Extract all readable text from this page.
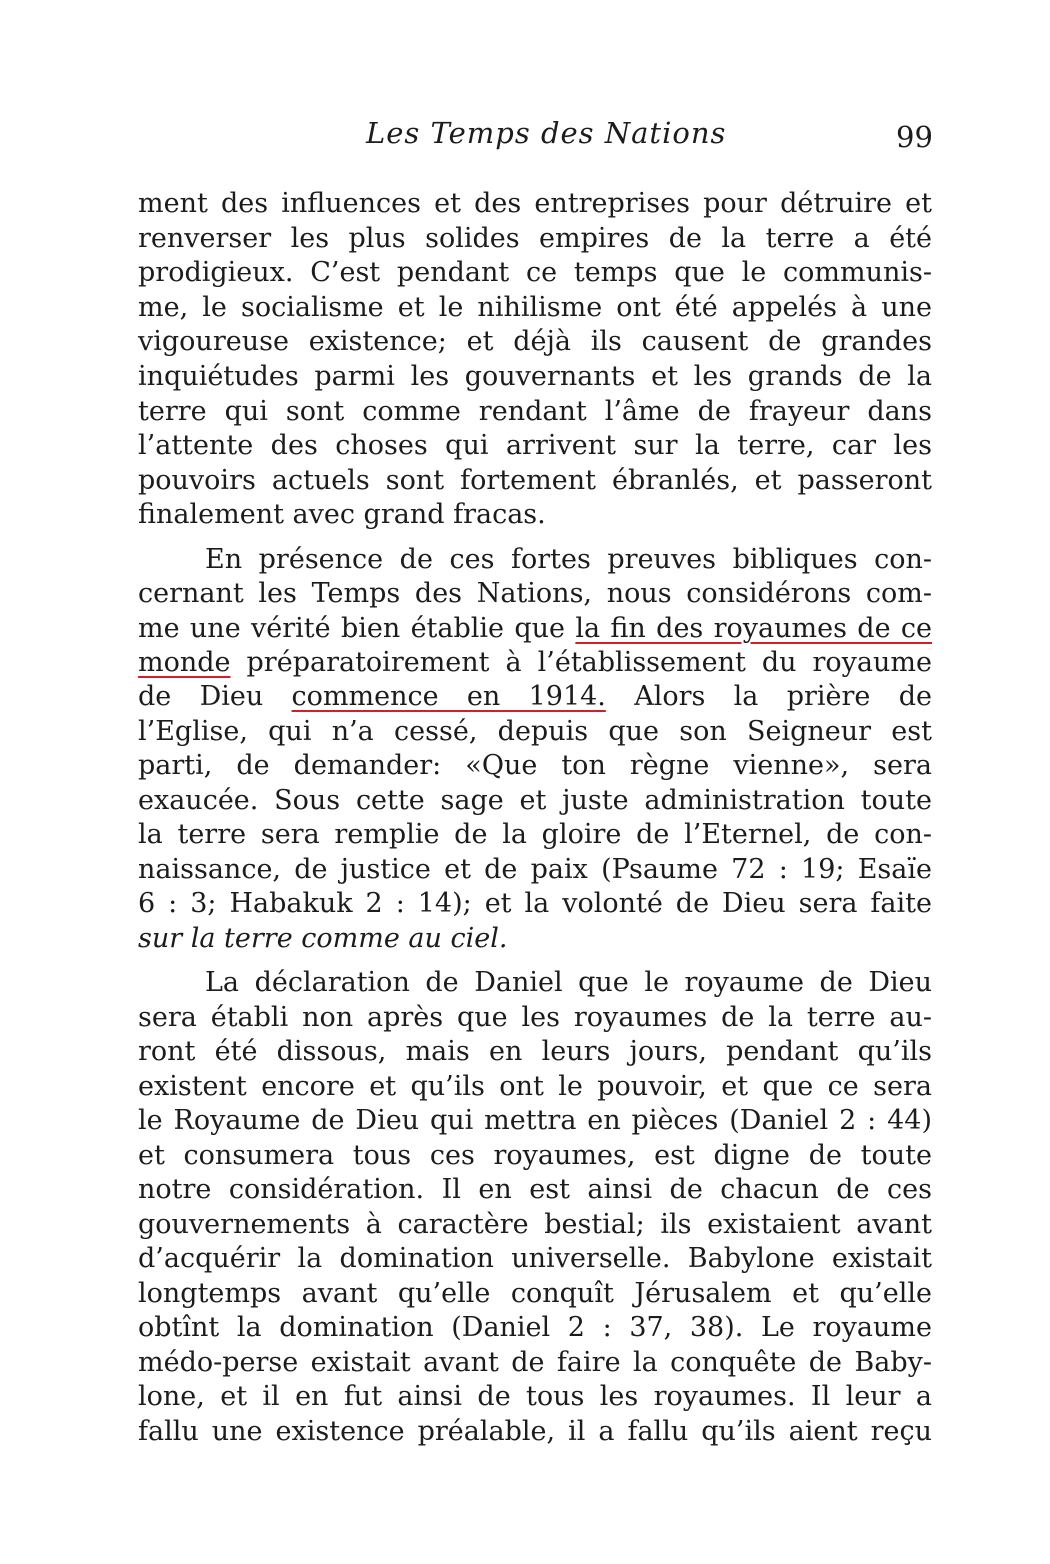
Les Temps des Nations	99
ment des influences et des entreprises pour détruire et
renverser les plus solides empires de la terre a été
prodigieux. C’est pendant ce temps que le communis-
me, le socialisme et le nihilisme ont été appelés à une
vigoureuse existence; et déjà ils causent de grandes
inquiétudes parmi les gouvernants et les grands de la
terre qui sont comme rendant l’âme de frayeur dans
l’attente des choses qui arrivent sur la terre, car les
pouvoirs actuels sont fortement ébranlés, et passeront
finalement avec grand fracas.
En présence de ces fortes preuves bibliques con-
cernant les Temps des Nations, nous considérons com-
me une vérité bien établie que la fin des royaumes de ce
monde préparatoirement à l’établissement du royaume
de Dieu commence en 1914. Alors la prière de
l’Eglise, qui n’a cessé, depuis que son Seigneur est
parti, de demander: «Que ton règne vienne», sera
exaucée. Sous cette sage et juste administration toute
la terre sera remplie de la gloire de l’Eternel, de con-
naissance, de justice et de paix (Psaume 72 : 19; Esaïe
6 : 3; Habakuk 2 : 14); et la volonté de Dieu sera faite
sur la terre comme au ciel.
La déclaration de Daniel que le royaume de Dieu
sera établi non après que les royaumes de la terre au-
ront été dissous, mais en leurs jours, pendant qu’ils
existent encore et qu’ils ont le pouvoir, et que ce sera
le Royaume de Dieu qui mettra en pièces (Daniel 2 : 44)
et consumera tous ces royaumes, est digne de toute
notre considération. Il en est ainsi de chacun de ces
gouvernements à caractère bestial; ils existaient avant
d’acquérir la domination universelle. Babylone existait
longtemps avant qu’elle conquît Jérusalem et qu’elle
obtînt la domination (Daniel 2 : 37, 38). Le royaume
médo-perse existait avant de faire la conquête de Baby-
lone, et il en fut ainsi de tous les royaumes. Il leur a
fallu une existence préalable, il a fallu qu’ils aient reçu
